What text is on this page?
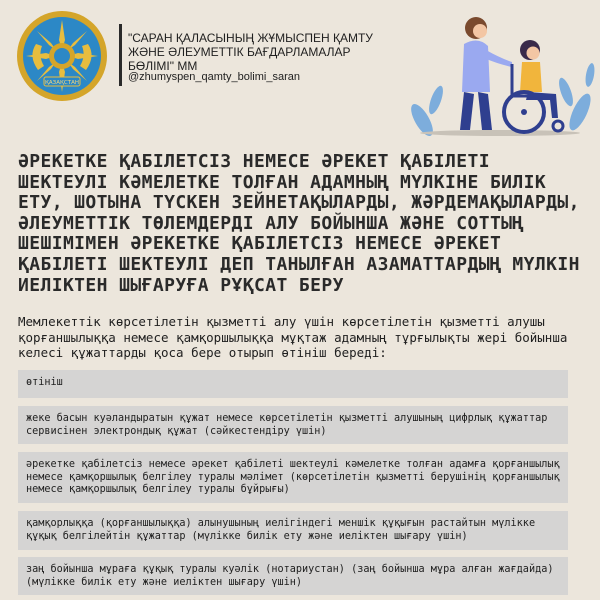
ҚАЗАҚСТАН
"САРАН ҚАЛАСЫНЫҢ ЖҰМЫСПЕН ҚАМТУ ЖӘНЕ ӘЛЕУМЕТТІК БАҒДАРЛАМАЛАР БӨЛІМІ" ММ
@zhumyspen_qamty_bolimi_saran
ӘРЕКЕТКЕ ҚАБІЛЕТСІЗ НЕМЕСЕ ӘРЕКЕТ ҚАБІЛЕТІ ШЕКТЕУЛІ КӘМЕЛЕТКЕ ТОЛҒАН АДАМНЫҢ МҮЛКІНЕ БИЛІК ЕТУ, ШОТЫНА ТҮСКЕН ЗЕЙНЕТАҚЫЛАРДЫ, ЖӘРДЕМАҚЫЛАРДЫ, ӘЛЕУМЕТТІК ТӨЛЕМДЕРДІ АЛУ БОЙЫНША ЖӘНЕ СОТТЫҢ ШЕШІМІМЕН ӘРЕКЕТКЕ ҚАБІЛЕТСІЗ НЕМЕСЕ ӘРЕКЕТ ҚАБІЛЕТІ ШЕКТЕУЛІ ДЕП ТАНЫЛҒАН АЗАМАТТАРДЫҢ МҮЛКІН ИЕЛІКТЕН ШЫҒАРУҒА РҰҚСАТ БЕРУ

Мемлекеттік көрсетілетін қызметті алу үшін көрсетілетін қызметті алушы қорғаншылыққа немесе қамқоршылыққа мұқтаж адамның тұрғылықты жері бойынша келесі құжаттарды қоса бере отырып өтініш береді:

өтініш
жеке басын куәландыратын құжат немесе көрсетілетін қызметті алушының цифрлық құжаттар сервисінен электрондық құжат (сәйкестендіру үшін)
әрекетке қабілетсіз немесе әрекет қабілеті шектеулі кәмелетке толған адамға қорғаншылық немесе қамқоршылық белгілеу туралы мәлімет (көрсетілетін қызметті берушінің қорғаншылық немесе қамқоршылық белгілеу туралы бұйрығы)
қамқорлыққа (қорғаншылыққа) алынушының иелігіндегі меншік құқығын растайтын мүлікке құқық белгілейтін құжаттар (мүлікке билік ету және иеліктен шығару үшін)
заң бойынша мұраға құқық туралы куәлік (нотариустан) (заң бойынша мұра алған жағдайда) (мүлікке билік ету және иеліктен шығару үшін)
